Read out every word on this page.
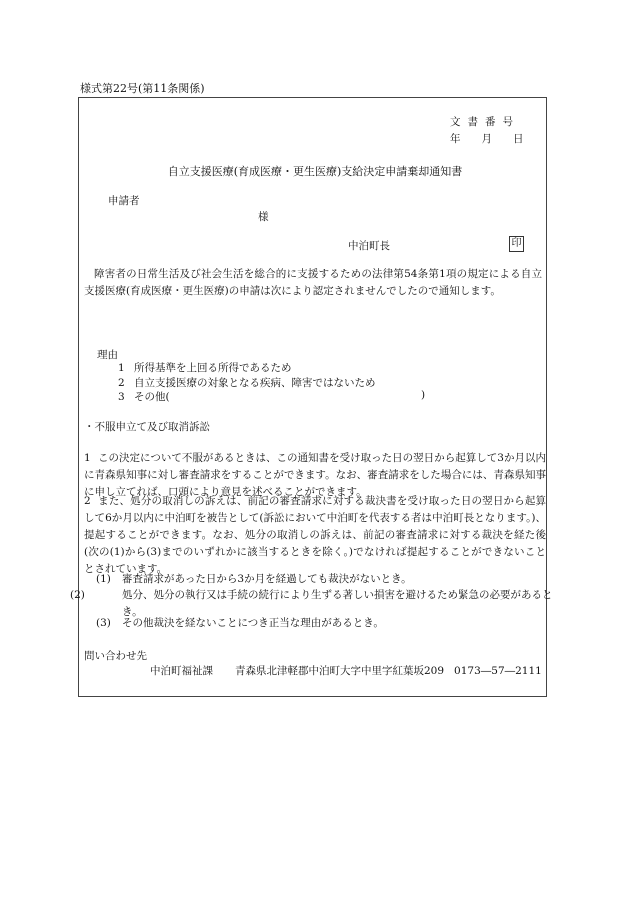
様式第22号(第11条関係)
文書番号
年　　月　　日
自立支援医療(育成医療・更生医療)支給決定申請棄却通知書
申請者
様
中泊町長	印
障害者の日常生活及び社会生活を総合的に支援するための法律第54条第1項の規定による自立支援医療(育成医療・更生医療)の申請は次により認定されませんでしたので通知します。
理由
1 所得基準を上回る所得であるため
2 自立支援医療の対象となる疾病、障害ではないため
3 その他(	)
・不服申立て及び取消訴訟
1 この決定について不服があるときは、この通知書を受け取った日の翌日から起算して3か月以内に青森県知事に対し審査請求をすることができます。なお、審査請求をした場合には、青森県知事に申し立てれば、口頭により意見を述べることができます。
2 また、処分の取消しの訴えは、前記の審査請求に対する裁決書を受け取った日の翌日から起算して6か月以内に中泊町を被告として(訴訟において中泊町を代表する者は中泊町長となります。)、提起することができます。なお、処分の取消しの訴えは、前記の審査請求に対する裁決を経た後(次の(1)から(3)までのいずれかに該当するときを除く。)でなければ提起することができないこととされています。
(1) 審査請求があった日から3か月を経過しても裁決がないとき。
(2)	処分、処分の執行又は手続の続行により生ずる著しい損害を避けるため緊急の必要があるとき。
(3) その他裁決を経ないことにつき正当な理由があるとき。
問い合わせ先
中泊町福祉課 青森県北津軽郡中泊町大字中里字紅葉坂209 0173―57―2111
